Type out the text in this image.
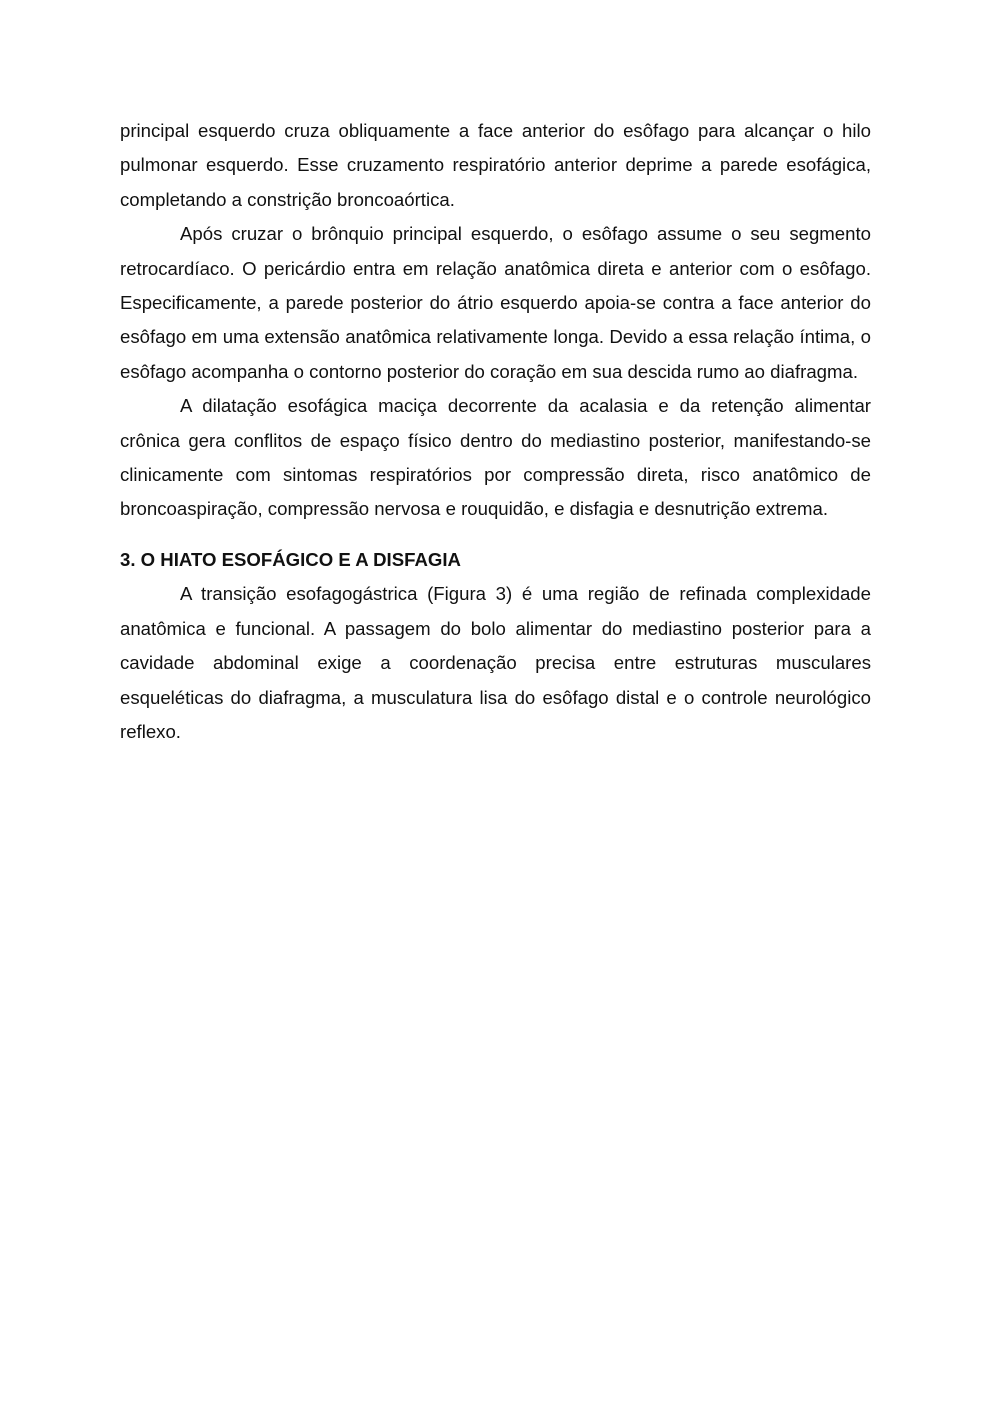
principal esquerdo cruza obliquamente a face anterior do esôfago para alcançar o hilo pulmonar esquerdo. Esse cruzamento respiratório anterior deprime a parede esofágica, completando a constrição broncoaórtica.

Após cruzar o brônquio principal esquerdo, o esôfago assume o seu segmento retrocardíaco. O pericárdio entra em relação anatômica direta e anterior com o esôfago. Especificamente, a parede posterior do átrio esquerdo apoia-se contra a face anterior do esôfago em uma extensão anatômica relativamente longa. Devido a essa relação íntima, o esôfago acompanha o contorno posterior do coração em sua descida rumo ao diafragma.

A dilatação esofágica maciça decorrente da acalasia e da retenção alimentar crônica gera conflitos de espaço físico dentro do mediastino posterior, manifestando-se clinicamente com sintomas respiratórios por compressão direta, risco anatômico de broncoaspiração, compressão nervosa e rouquidão, e disfagia e desnutrição extrema.

3. O HIATO ESOFÁGICO E A DISFAGIA

A transição esofagogástrica (Figura 3) é uma região de refinada complexidade anatômica e funcional. A passagem do bolo alimentar do mediastino posterior para a cavidade abdominal exige a coordenação precisa entre estruturas musculares esqueléticas do diafragma, a musculatura lisa do esôfago distal e o controle neurológico reflexo.
